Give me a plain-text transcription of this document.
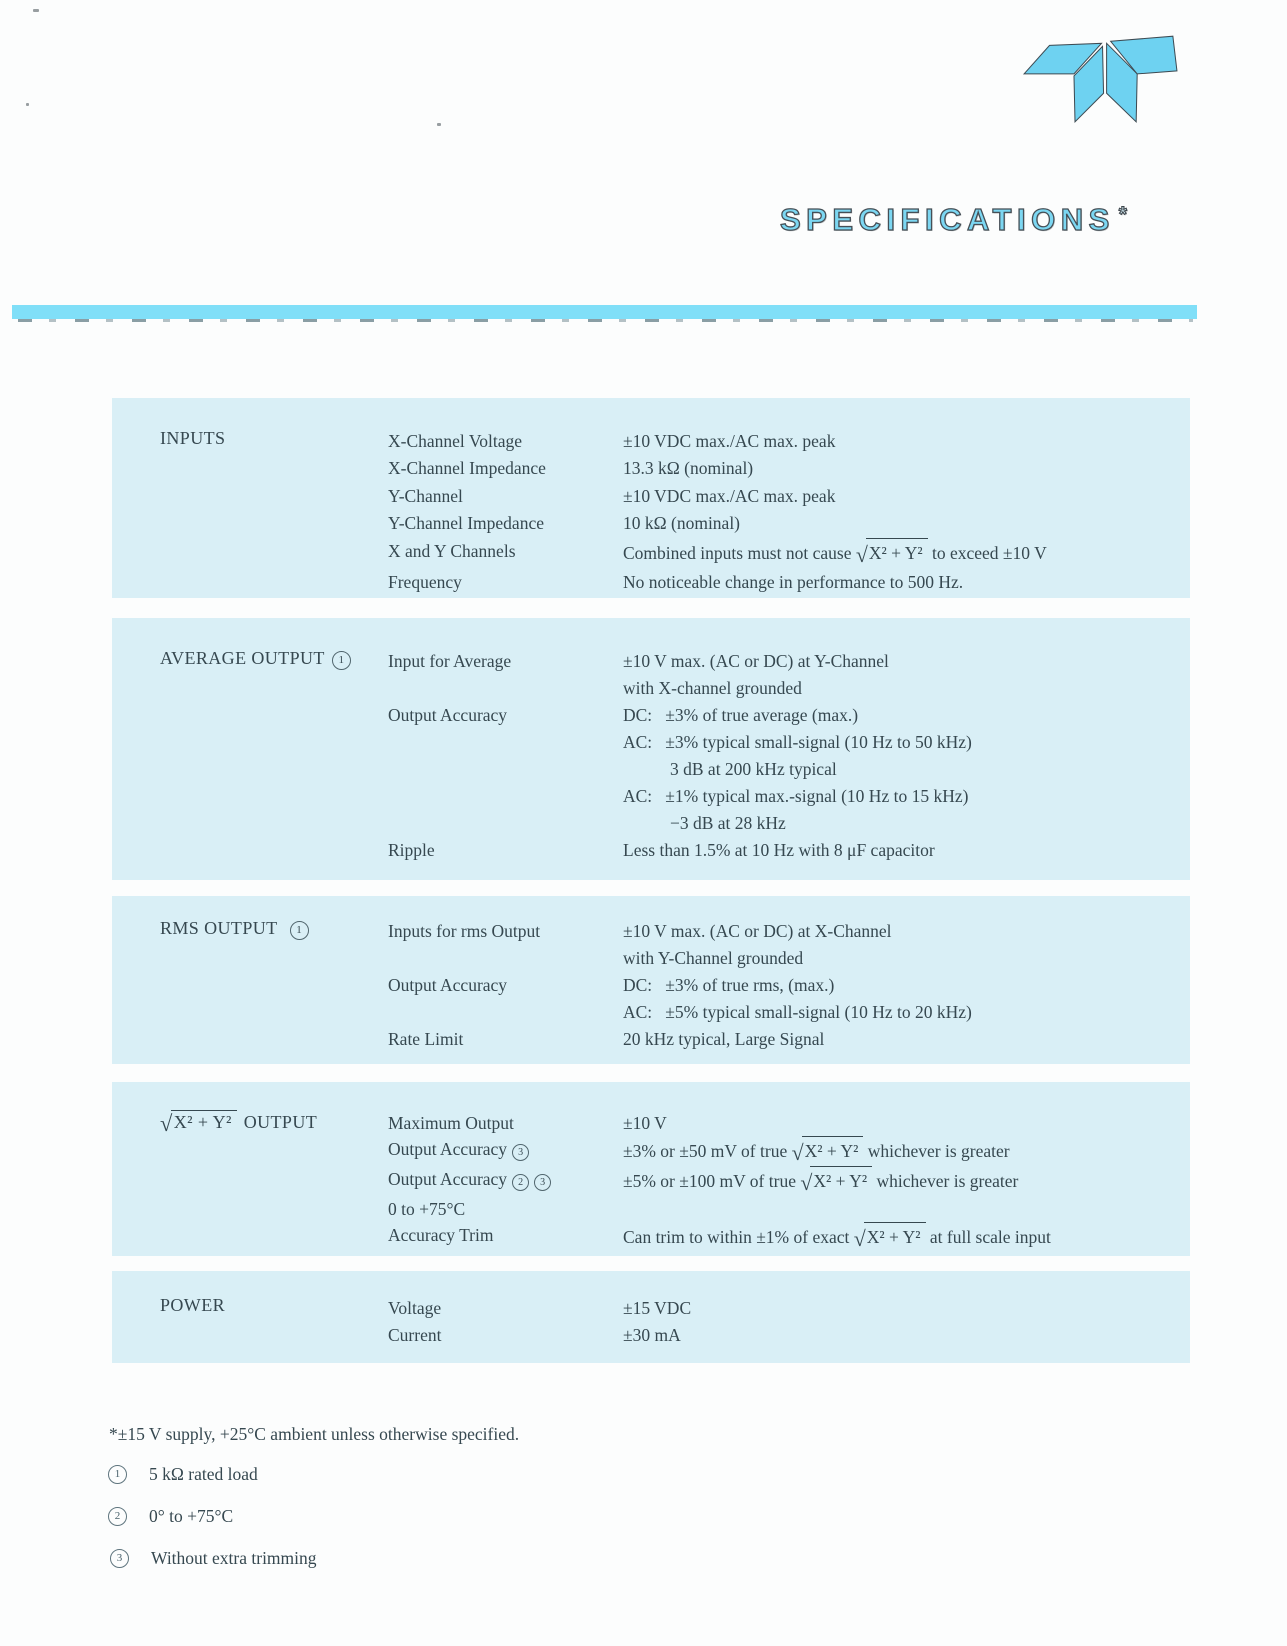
SPECIFICATIONS *
INPUTS	X-Channel Voltage	±10 VDC max./AC max. peak
X-Channel Impedance	13.3 kΩ (nominal)
Y-Channel	±10 VDC max./AC max. peak
Y-Channel Impedance	10 kΩ (nominal)
X and Y Channels	Combined inputs must not cause √X² + Y² to exceed ±10 V
Frequency	No noticeable change in performance to 500 Hz.
AVERAGE OUTPUT 1	Input for Average	±10 V max. (AC or DC) at Y-Channel
with X-channel grounded
Output Accuracy	DC:   ±3% of true average (max.)
AC:   ±3% typical small-signal (10 Hz to 50 kHz)
3 dB at 200 kHz typical
AC:   ±1% typical max.-signal (10 Hz to 15 kHz)
−3 dB at 28 kHz
Ripple	Less than 1.5% at 10 Hz with 8 μF capacitor
RMS OUTPUT 1	Inputs for rms Output	±10 V max. (AC or DC) at X-Channel
with Y-Channel grounded
Output Accuracy	DC:   ±3% of true rms, (max.)
AC:   ±5% typical small-signal (10 Hz to 20 kHz)
Rate Limit	20 kHz typical, Large Signal
√X² + Y² OUTPUT	Maximum Output	±10 V
Output Accuracy 3	±3% or ±50 mV of true √X² + Y² whichever is greater
Output Accuracy 2 3	±5% or ±100 mV of true √X² + Y² whichever is greater
0 to +75°C
Accuracy Trim	Can trim to within ±1% of exact √X² + Y² at full scale input
POWER	Voltage	±15 VDC
Current	±30 mA
*±15 V supply, +25°C ambient unless otherwise specified.
1	5 kΩ rated load
2	0° to +75°C
3	Without extra trimming
